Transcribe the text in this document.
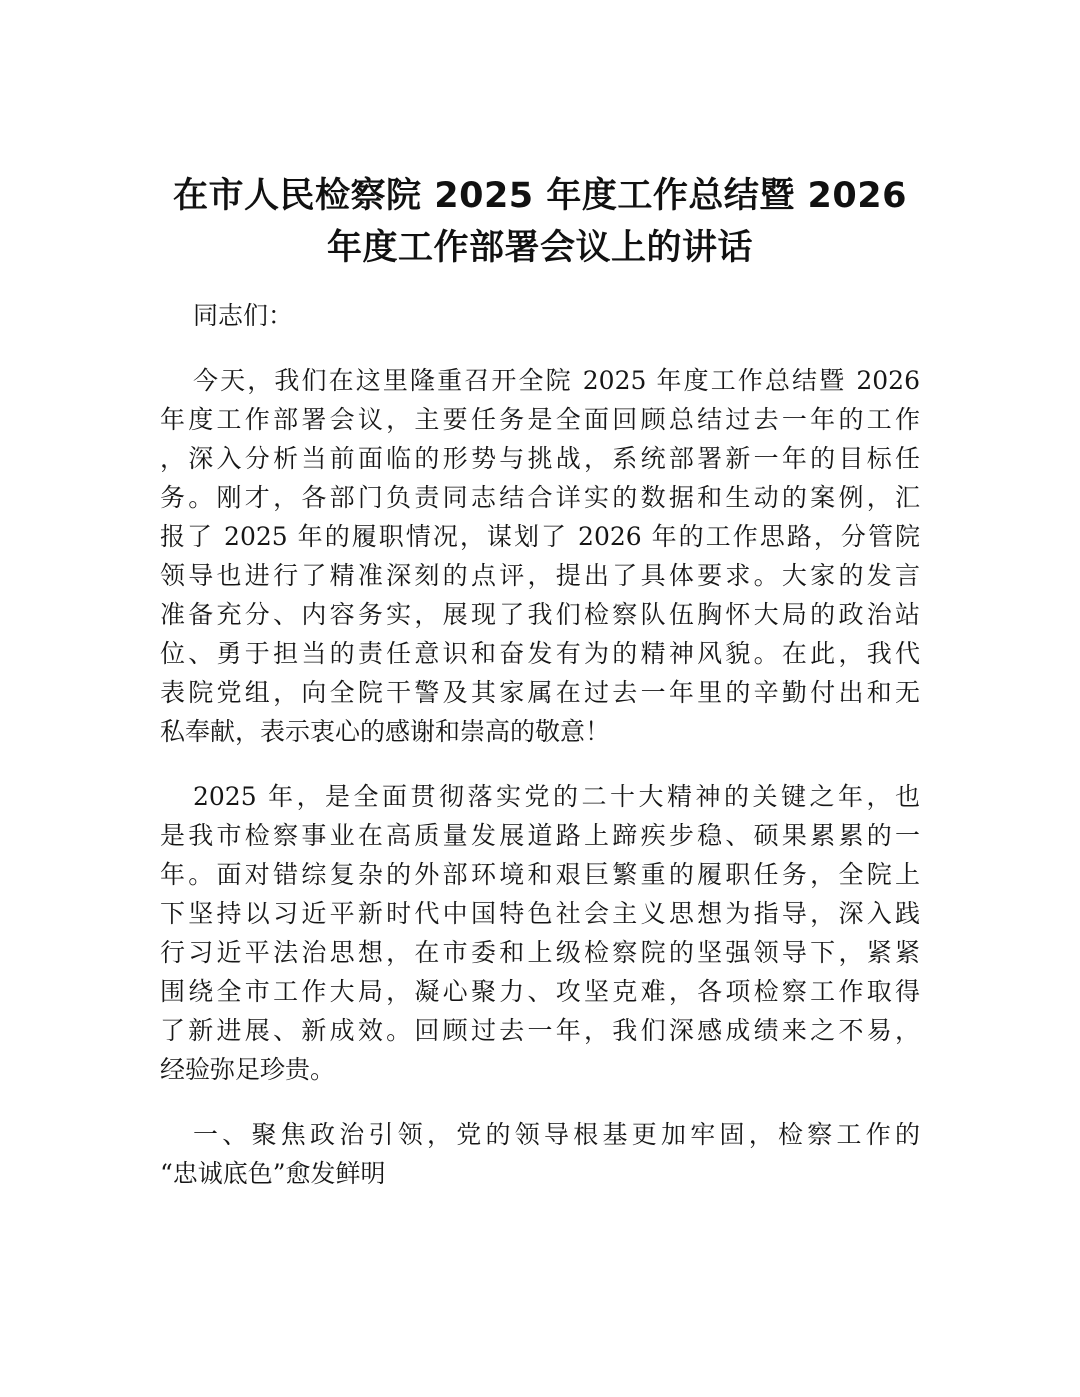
在市人民检察院 2025 年度工作总结暨 2026
年度工作部署会议上的讲话
同志们：
今天，我们在这里隆重召开全院 2025 年度工作总结暨 2026
年度工作部署会议，主要任务是全面回顾总结过去一年的工作
，深入分析当前面临的形势与挑战，系统部署新一年的目标任
务。刚才，各部门负责同志结合详实的数据和生动的案例，汇
报了 2025 年的履职情况，谋划了 2026 年的工作思路，分管院
领导也进行了精准深刻的点评，提出了具体要求。大家的发言
准备充分、内容务实，展现了我们检察队伍胸怀大局的政治站
位、勇于担当的责任意识和奋发有为的精神风貌。在此，我代
表院党组，向全院干警及其家属在过去一年里的辛勤付出和无
私奉献，表示衷心的感谢和崇高的敬意！
2025 年，是全面贯彻落实党的二十大精神的关键之年，也
是我市检察事业在高质量发展道路上蹄疾步稳、硕果累累的一
年。面对错综复杂的外部环境和艰巨繁重的履职任务，全院上
下坚持以习近平新时代中国特色社会主义思想为指导，深入践
行习近平法治思想，在市委和上级检察院的坚强领导下，紧紧
围绕全市工作大局，凝心聚力、攻坚克难，各项检察工作取得
了新进展、新成效。回顾过去一年，我们深感成绩来之不易，
经验弥足珍贵。
一、聚焦政治引领，党的领导根基更加牢固，检察工作的
“忠诚底色”愈发鲜明
